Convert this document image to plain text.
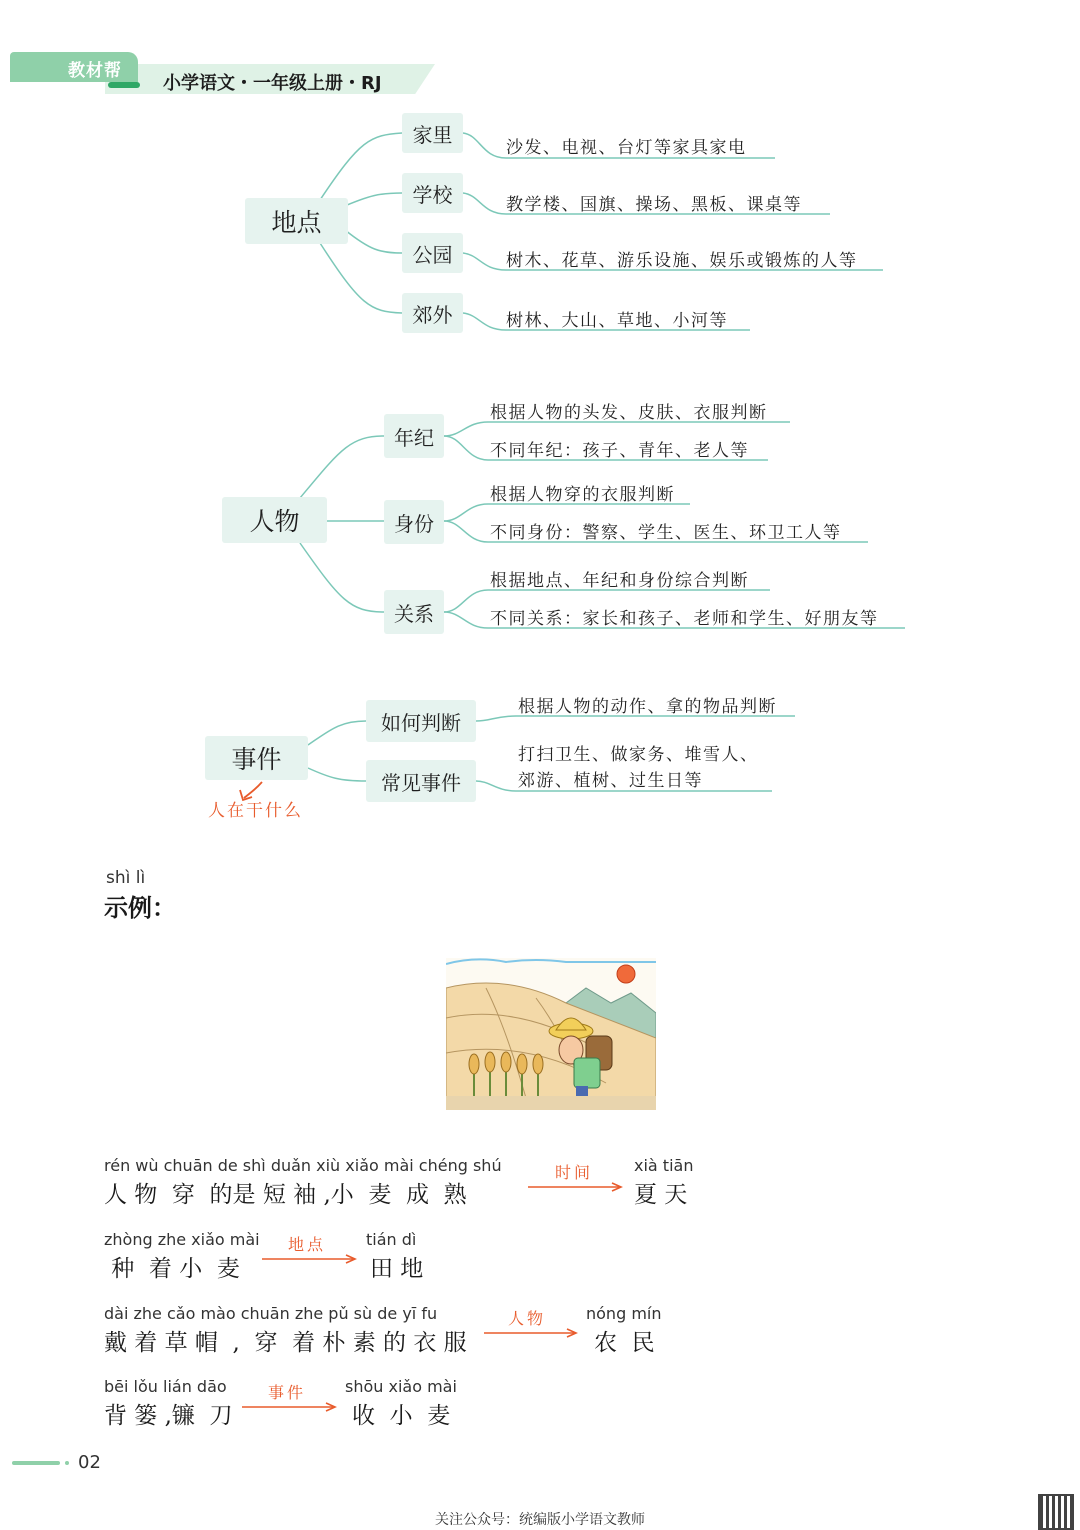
教材帮
小学语文・一年级上册・RJ
地点
家里
学校
公园
郊外
沙发、电视、台灯等家具家电
教学楼、国旗、操场、黑板、课桌等
树木、花草、游乐设施、娱乐或锻炼的人等
树林、大山、草地、小河等
人物
年纪
身份
关系
根据人物的头发、皮肤、衣服判断
不同年纪：孩子、青年、老人等
根据人物穿的衣服判断
不同身份：警察、学生、医生、环卫工人等
根据地点、年纪和身份综合判断
不同关系：家长和孩子、老师和学生、好朋友等
事件
人在干什么
如何判断
常见事件
根据人物的动作、拿的物品判断
打扫卫生、做家务、堆雪人、
郊游、植树、过生日等
shì lì
示例：
rén wù chuān de shì duǎn xiù xiǎo mài chéng shú
人 物  穿  的是 短 袖 ,小  麦  成  熟
时间	xià tiān
夏 天
zhòng zhe xiǎo mài
种  着 小  麦
地点 tián dì
田 地
dài zhe cǎo mào chuān zhe pǔ sù de yī fu
戴 着 草 帽  ,  穿  着 朴 素 的 衣 服
人物 nóng mín
农  民
bēi lǒu lián dāo
背 篓 ,镰  刀
事件 shōu xiǎo mài
收  小  麦
02
关注公众号：统编版小学语文教师
